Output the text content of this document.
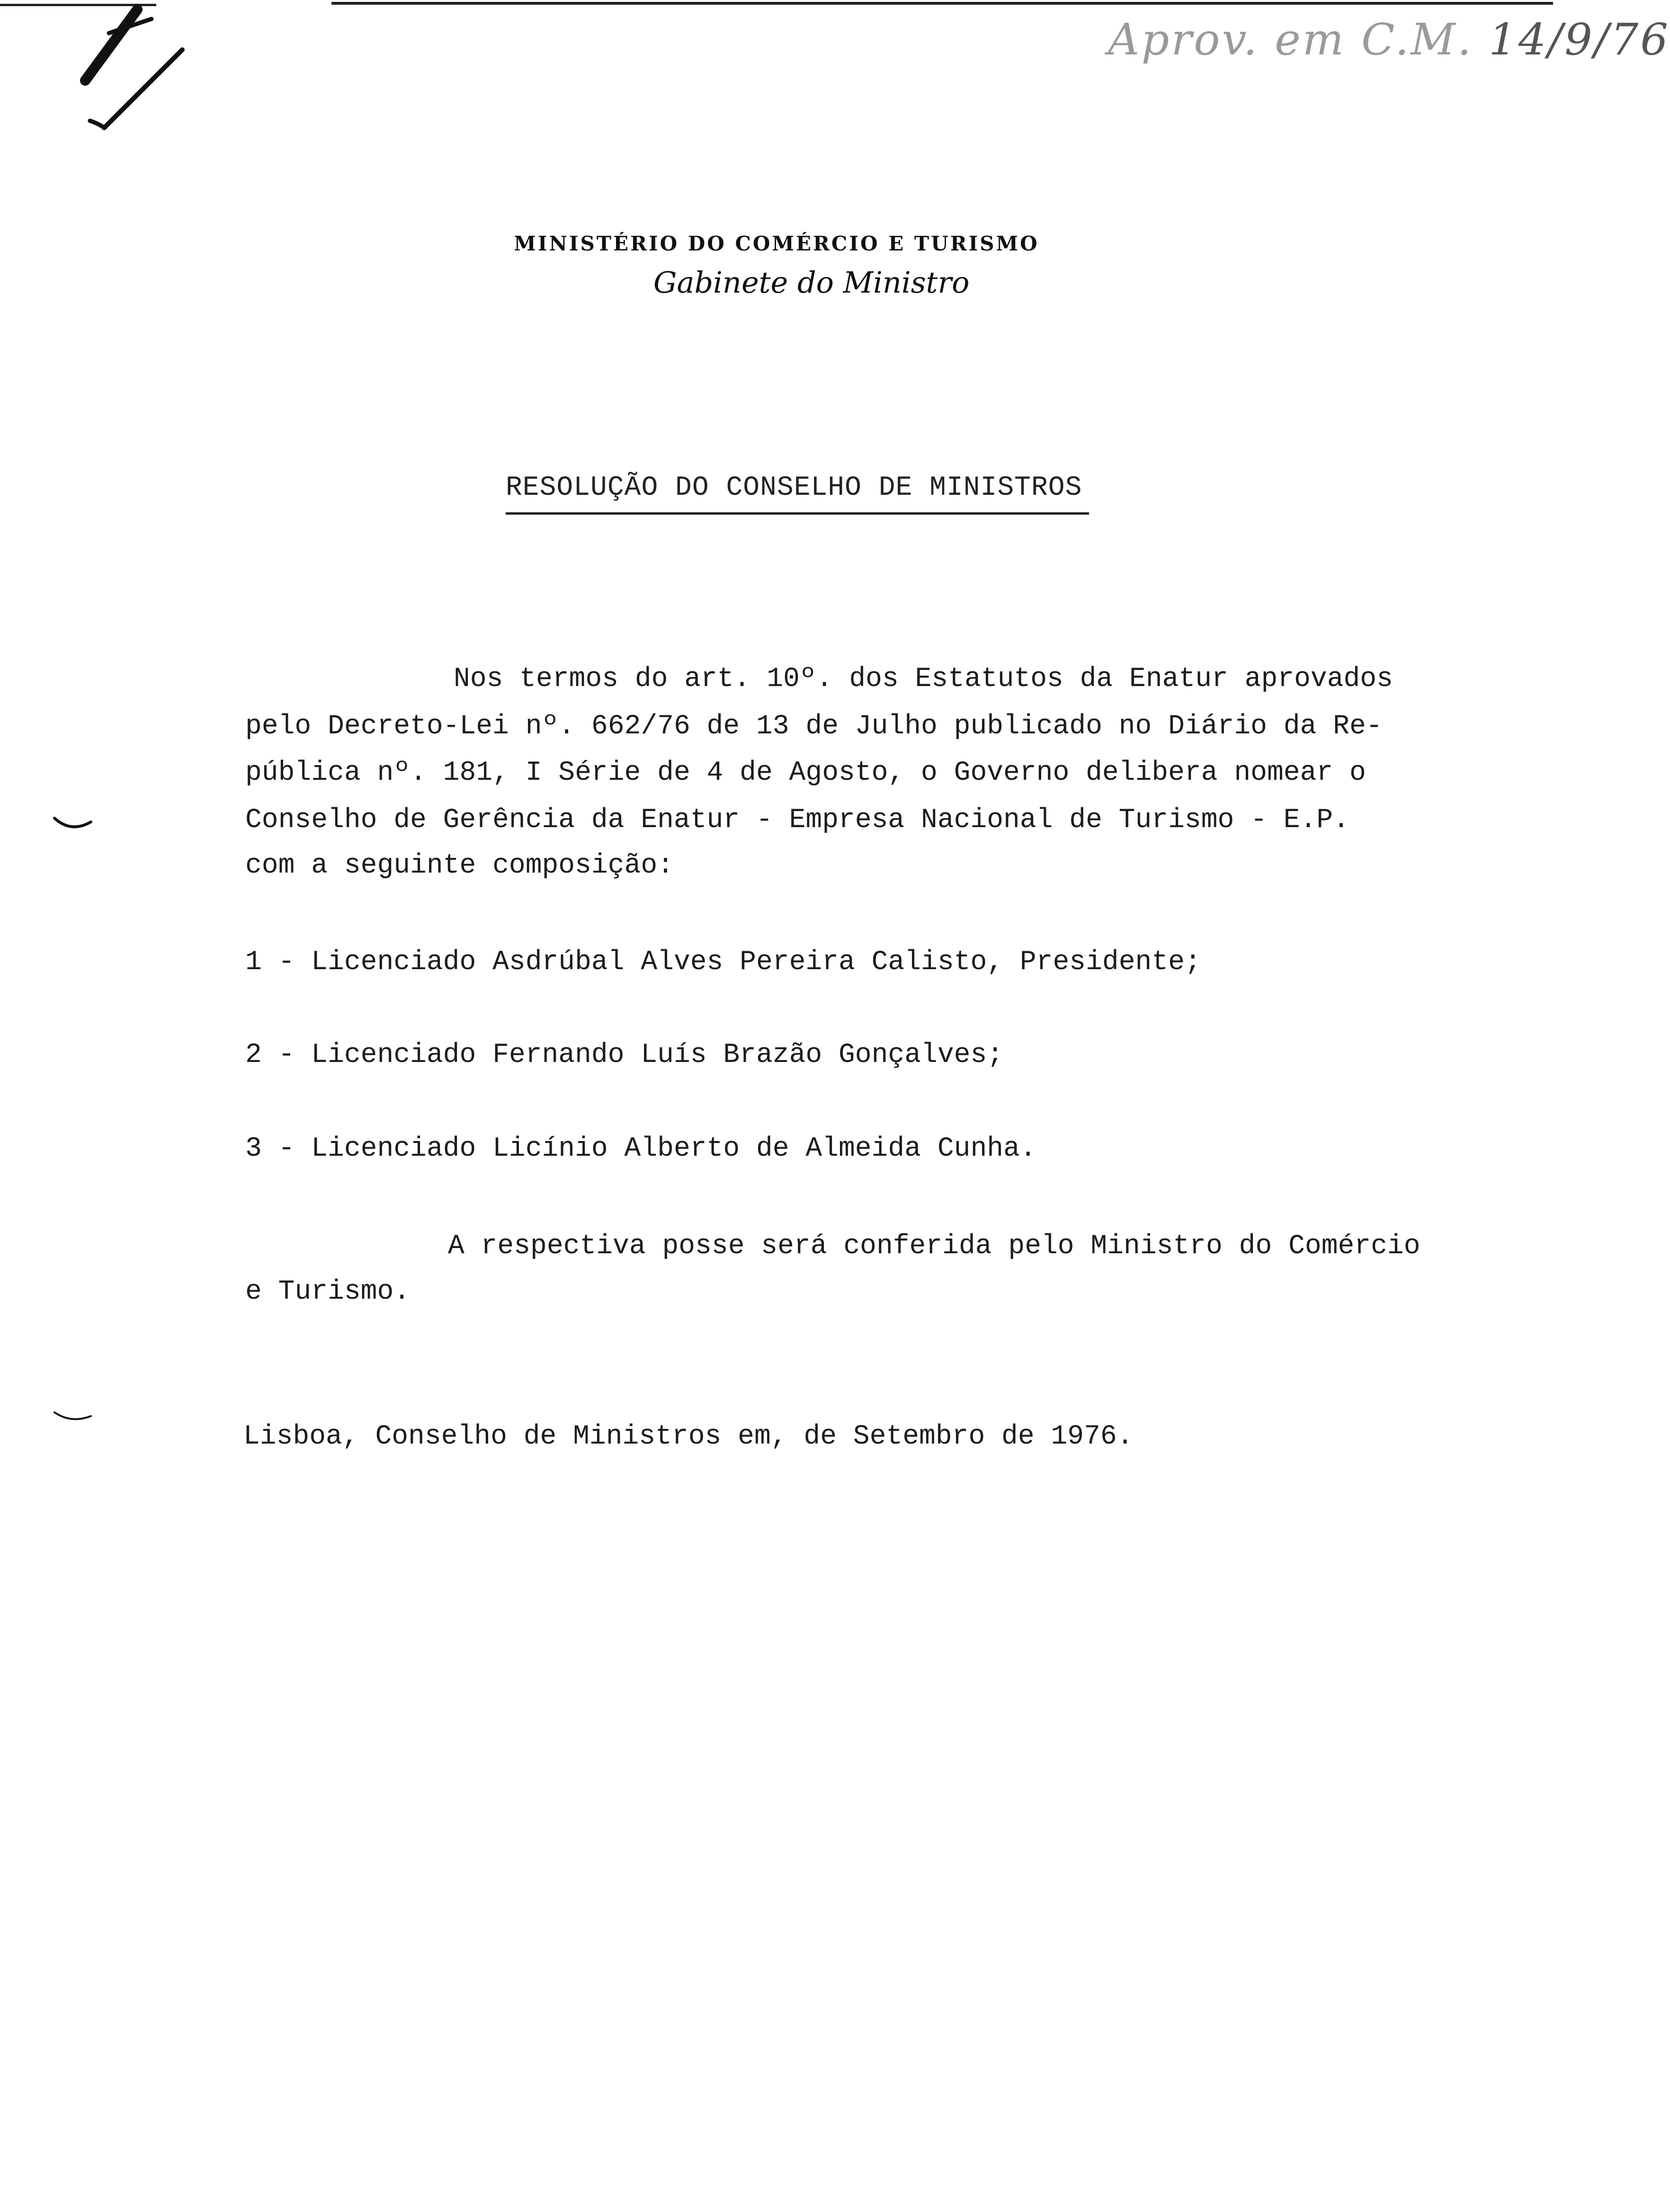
Aprov. em C.M. 14/9/76
MINISTÉRIO DO COMÉRCIO E TURISMO
Gabinete do Ministro
RESOLUÇÃO DO CONSELHO DE MINISTROS
Nos termos do art. 10º. dos Estatutos da Enatur aprovados
pelo Decreto-Lei nº. 662/76 de 13 de Julho publicado no Diário da Re-
pública nº. 181, I Série de 4 de Agosto, o Governo delibera nomear o
Conselho de Gerência da Enatur - Empresa Nacional de Turismo - E.P.
com a seguinte composição:
1 - Licenciado Asdrúbal Alves Pereira Calisto, Presidente;
2 - Licenciado Fernando Luís Brazão Gonçalves;
3 - Licenciado Licínio Alberto de Almeida Cunha.
A respectiva posse será conferida pelo Ministro do Comércio
e Turismo.
Lisboa, Conselho de Ministros em, de Setembro de 1976.
